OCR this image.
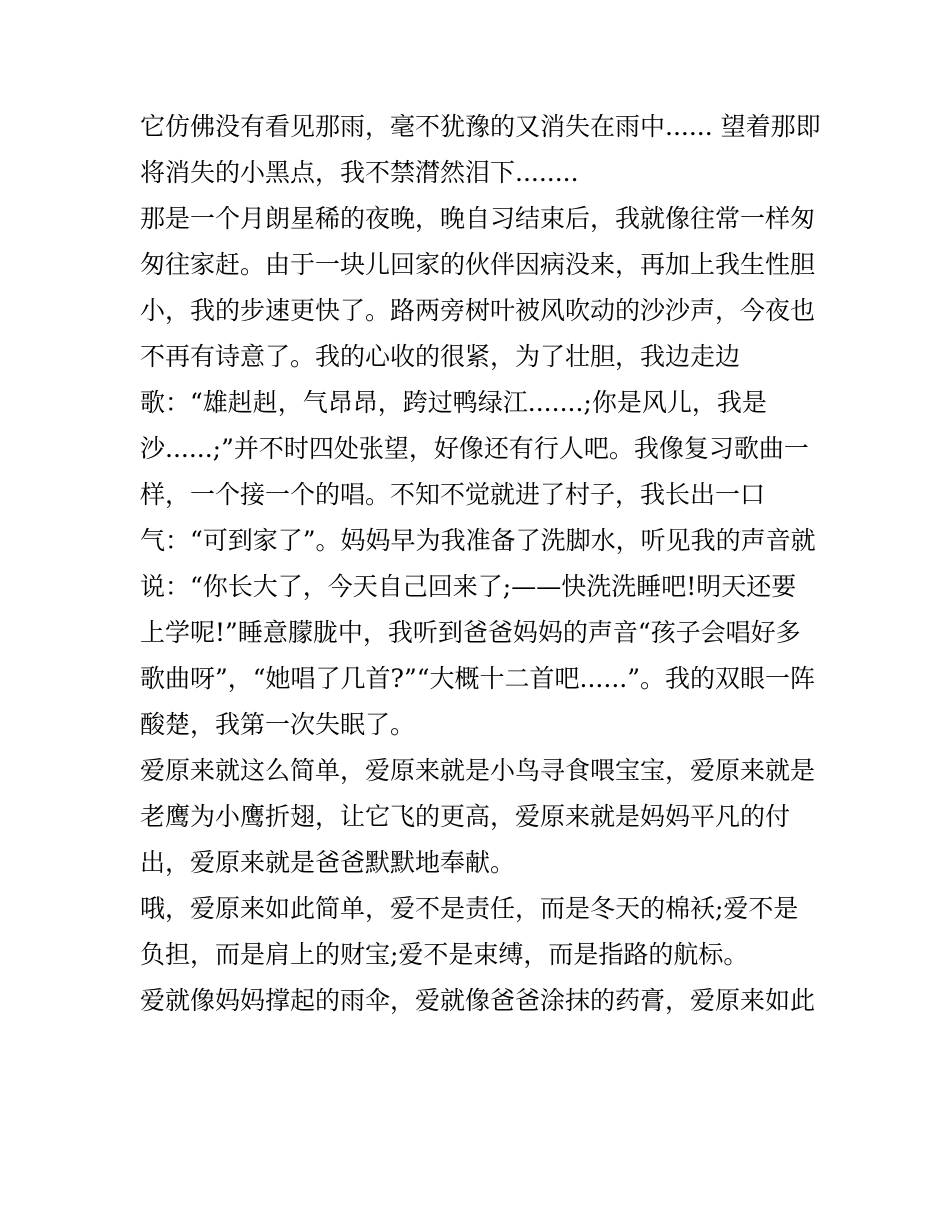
它仿佛没有看见那雨，毫不犹豫的又消失在雨中...... 望着那即
将消失的小黑点，我不禁潸然泪下........
那是一个月朗星稀的夜晚，晚自习结束后，我就像往常一样匆
匆往家赶。由于一块儿回家的伙伴因病没来，再加上我生性胆
小，我的步速更快了。路两旁树叶被风吹动的沙沙声，今夜也
不再有诗意了。我的心收的很紧，为了壮胆，我边走边
歌：“雄赳赳，气昂昂，跨过鸭绿江.......;你是风儿，我是
沙......;”并不时四处张望，好像还有行人吧。我像复习歌曲一
样，一个接一个的唱。不知不觉就进了村子，我长出一口
气：“可到家了”。妈妈早为我准备了洗脚水，听见我的声音就
说：“你长大了，今天自己回来了;——快洗洗睡吧!明天还要
上学呢!”睡意朦胧中，我听到爸爸妈妈的声音“孩子会唱好多
歌曲呀”，“她唱了几首?”“大概十二首吧......”。我的双眼一阵
酸楚，我第一次失眠了。
爱原来就这么简单，爱原来就是小鸟寻食喂宝宝，爱原来就是
老鹰为小鹰折翅，让它飞的更高，爱原来就是妈妈平凡的付
出，爱原来就是爸爸默默地奉献。
哦，爱原来如此简单，爱不是责任，而是冬天的棉袄;爱不是
负担，而是肩上的财宝;爱不是束缚，而是指路的航标。
爱就像妈妈撑起的雨伞，爱就像爸爸涂抹的药膏，爱原来如此
